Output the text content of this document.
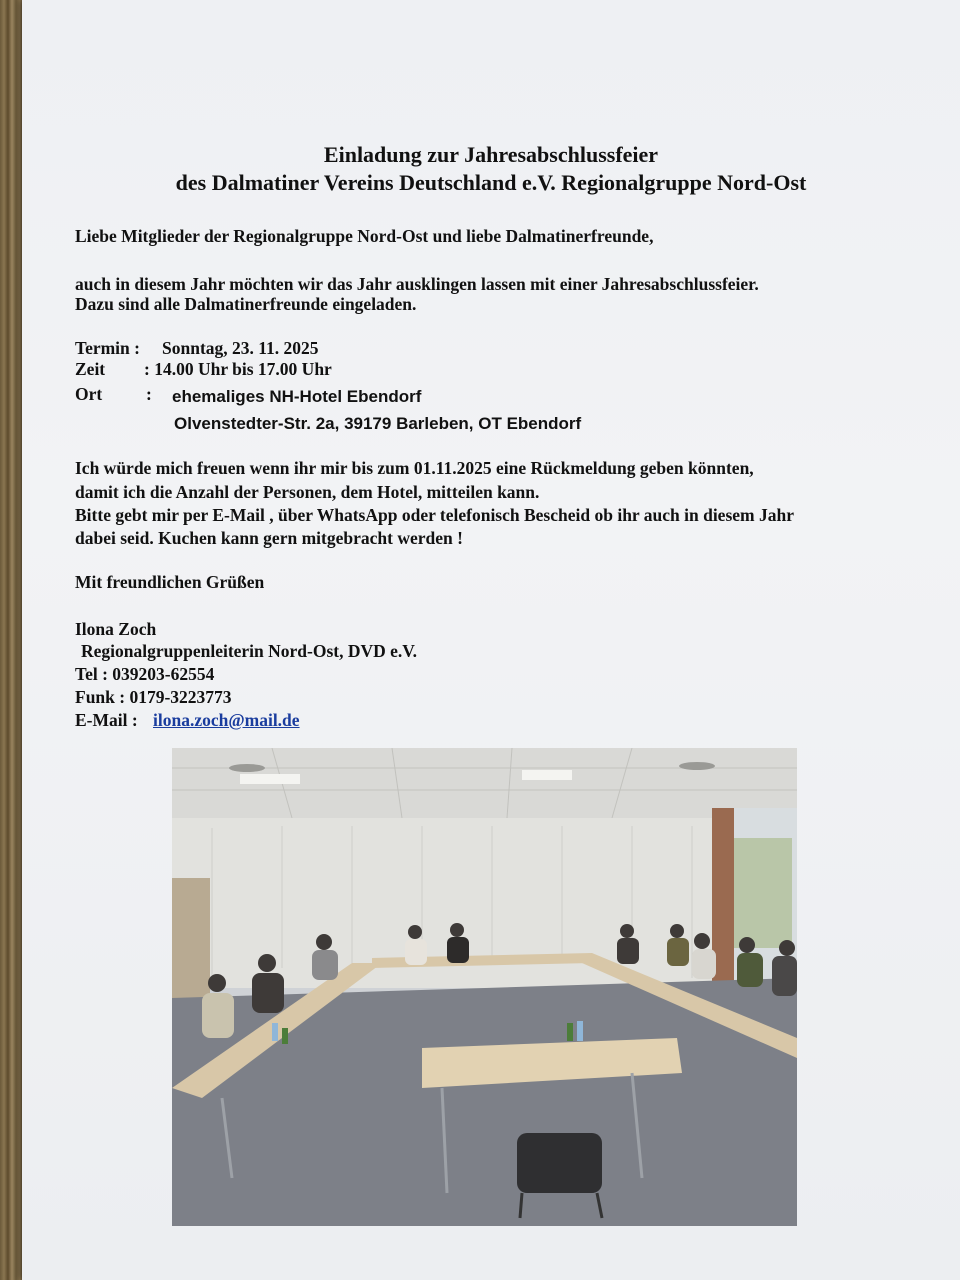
Einladung zur Jahresabschlussfeier
des Dalmatiner Vereins Deutschland e.V. Regionalgruppe Nord-Ost
Liebe Mitglieder der Regionalgruppe Nord-Ost und liebe Dalmatinerfreunde,
auch in diesem Jahr möchten wir das Jahr ausklingen lassen mit einer Jahresabschlussfeier.
Dazu sind alle Dalmatinerfreunde eingeladen.
Termin : Sonntag, 23. 11. 2025
Zeit : 14.00 Uhr bis 17.00 Uhr
Ort	: ehemaliges NH-Hotel Ebendorf
Olvenstedter-Str. 2a, 39179 Barleben, OT Ebendorf
Ich würde mich freuen wenn ihr mir bis zum 01.11.2025 eine Rückmeldung geben könnten,
damit ich die Anzahl der Personen, dem Hotel, mitteilen kann.
Bitte gebt mir per E-Mail , über WhatsApp oder telefonisch Bescheid ob ihr auch in diesem Jahr
dabei seid. Kuchen kann gern mitgebracht werden !
Mit freundlichen Grüßen
Ilona Zoch
Regionalgruppenleiterin Nord-Ost, DVD e.V.
Tel : 039203-62554
Funk : 0179-3223773
E-Mail : ilona.zoch@mail.de
